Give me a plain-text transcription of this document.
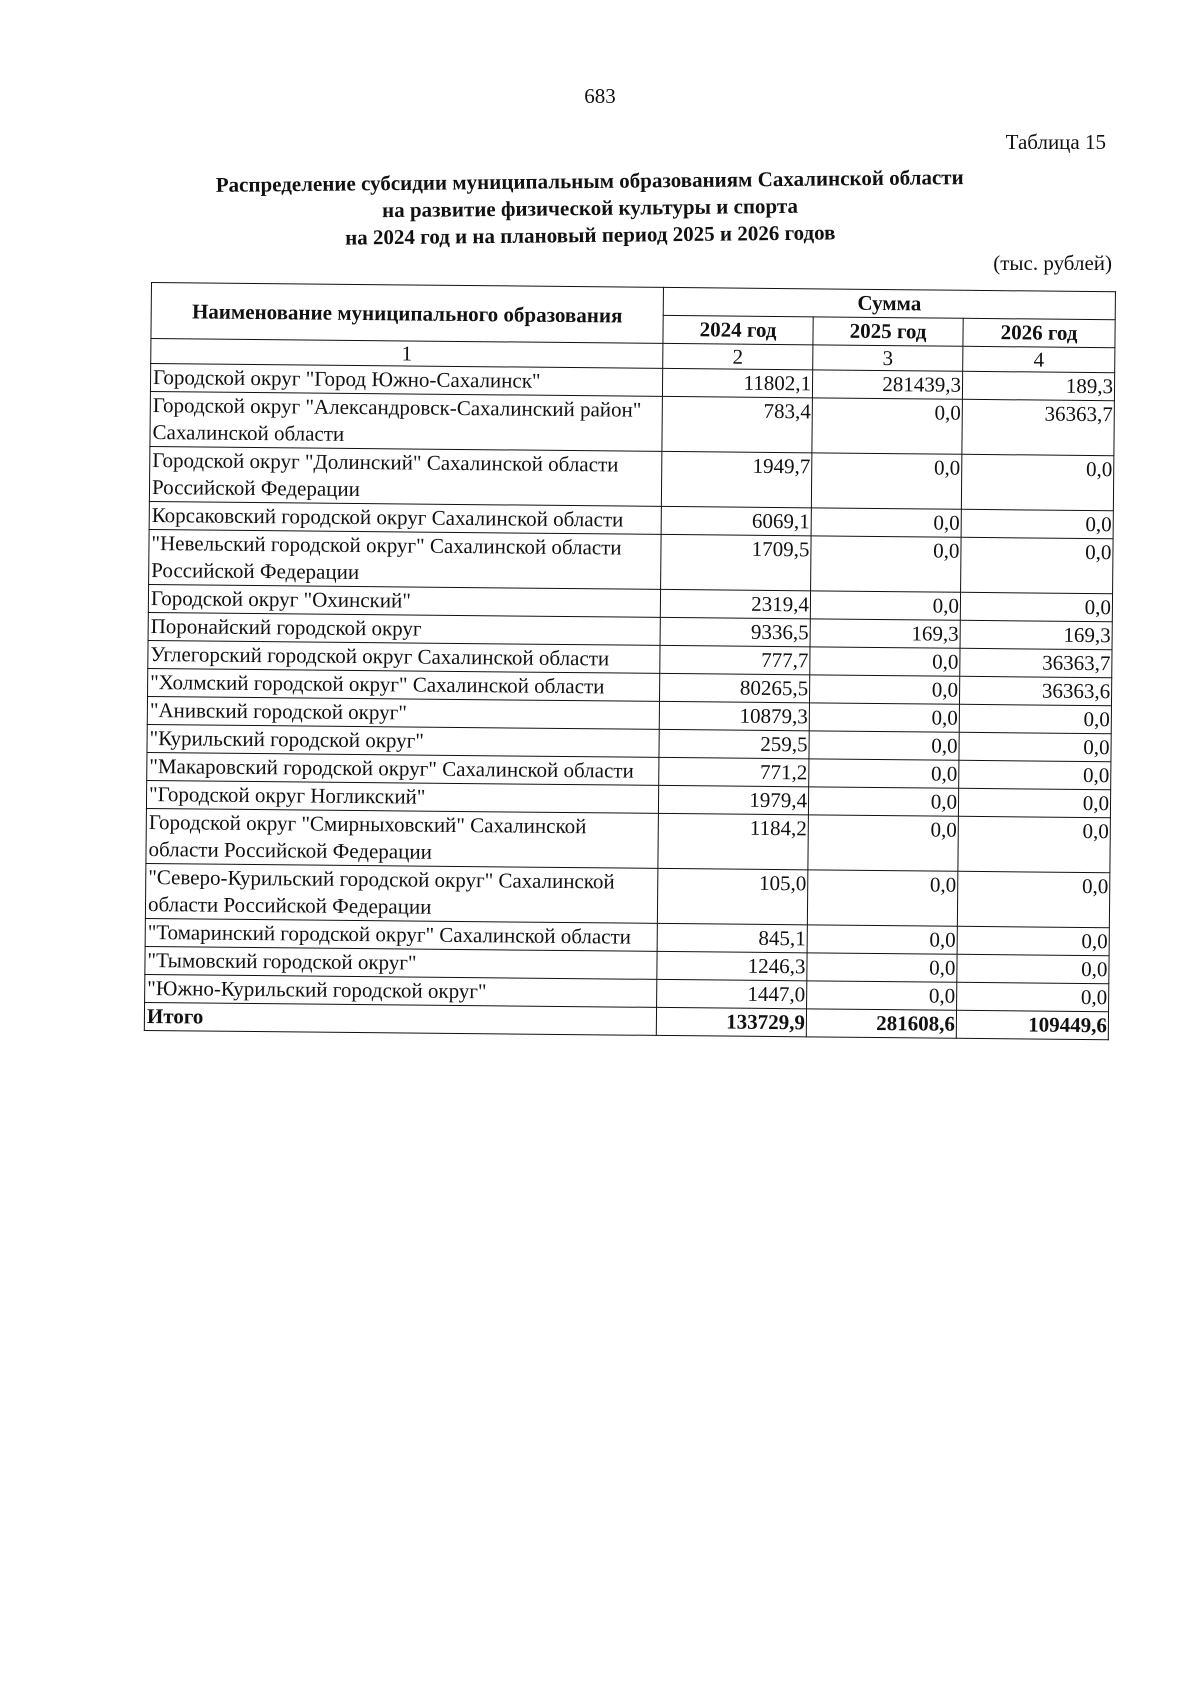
683
Таблица 15
Распределение субсидии муниципальным образованиям Сахалинской области
на развитие физической культуры и спорта
на 2024 год и на плановый период 2025 и 2026 годов
(тыс. рублей)
Наименование муниципального образования	Сумма		
	2024 год	2025 год	2026 год
1	2	3	4
Городской округ "Город Южно-Сахалинск"	11802,1	281439,3	189,3
Городской округ "Александровск-Сахалинский район" Сахалинской области	783,4	0,0	36363,7
Городской округ "Долинский" Сахалинской области Российской Федерации	1949,7	0,0	0,0
Корсаковский городской округ Сахалинской области	6069,1	0,0	0,0
"Невельский городской округ" Сахалинской области Российской Федерации	1709,5	0,0	0,0
Городской округ "Охинский"	2319,4	0,0	0,0
Поронайский городской округ	9336,5	169,3	169,3
Углегорский городской округ Сахалинской области	777,7	0,0	36363,7
"Холмский городской округ" Сахалинской области	80265,5	0,0	36363,6
"Анивский городской округ"	10879,3	0,0	0,0
"Курильский городской округ"	259,5	0,0	0,0
"Макаровский городской округ" Сахалинской области	771,2	0,0	0,0
"Городской округ Ногликский"	1979,4	0,0	0,0
Городской округ "Смирныховский" Сахалинской области Российской Федерации	1184,2	0,0	0,0
"Северо-Курильский городской округ" Сахалинской области Российской Федерации	105,0	0,0	0,0
"Томаринский городской округ" Сахалинской области	845,1	0,0	0,0
"Тымовский городской округ"	1246,3	0,0	0,0
"Южно-Курильский городской округ"	1447,0	0,0	0,0
Итого	133729,9	281608,6	109449,6
